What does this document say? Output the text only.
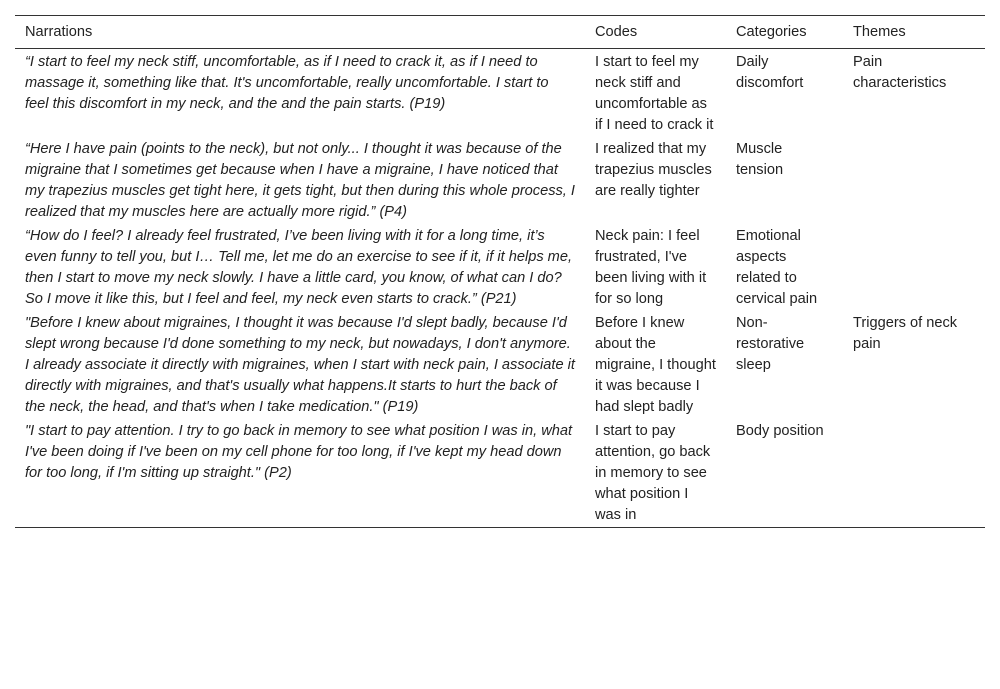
Narrations	Codes	Categories	Themes
“I start to feel my neck stiff, uncomfortable, as if I need to crack it, as if I need to massage it, something like that. It's uncomfortable, really uncomfortable. I start to feel this discomfort in my neck, and the and the pain starts. (P19)	I start to feel my neck stiff and uncomfortable as if I need to crack it	Daily discomfort	Pain characteristics
“Here I have pain (points to the neck), but not only... I thought it was because of the migraine that I sometimes get because when I have a migraine, I have noticed that my trapezius muscles get tight here, it gets tight, but then during this whole process, I realized that my muscles here are actually more rigid.” (P4)	I realized that my trapezius muscles are really tighter	Muscle tension	
“How do I feel? I already feel frustrated, I’ve been living with it for a long time, it’s even funny to tell you, but I… Tell me, let me do an exercise to see if it, if it helps me, then I start to move my neck slowly. I have a little card, you know, of what can I do? So I move it like this, but I feel and feel, my neck even starts to crack.” (P21)	Neck pain: I feel frustrated, I've been living with it for so long	Emotional aspects related to cervical pain	
"Before I knew about migraines, I thought it was because I'd slept badly, because I'd slept wrong because I'd done something to my neck, but nowadays, I don't anymore. I already associate it directly with migraines, when I start with neck pain, I associate it directly with migraines, and that's usually what happens.It starts to hurt the back of the neck, the head, and that's when I take medication." (P19)	Before I knew about the migraine, I thought it was because I had slept badly	Non-restorative sleep	Triggers of neck pain
"I start to pay attention. I try to go back in memory to see what position I was in, what I've been doing if I've been on my cell phone for too long, if I've kept my head down for too long, if I'm sitting up straight." (P2)	I start to pay attention, go back in memory to see what position I was in	Body position	
